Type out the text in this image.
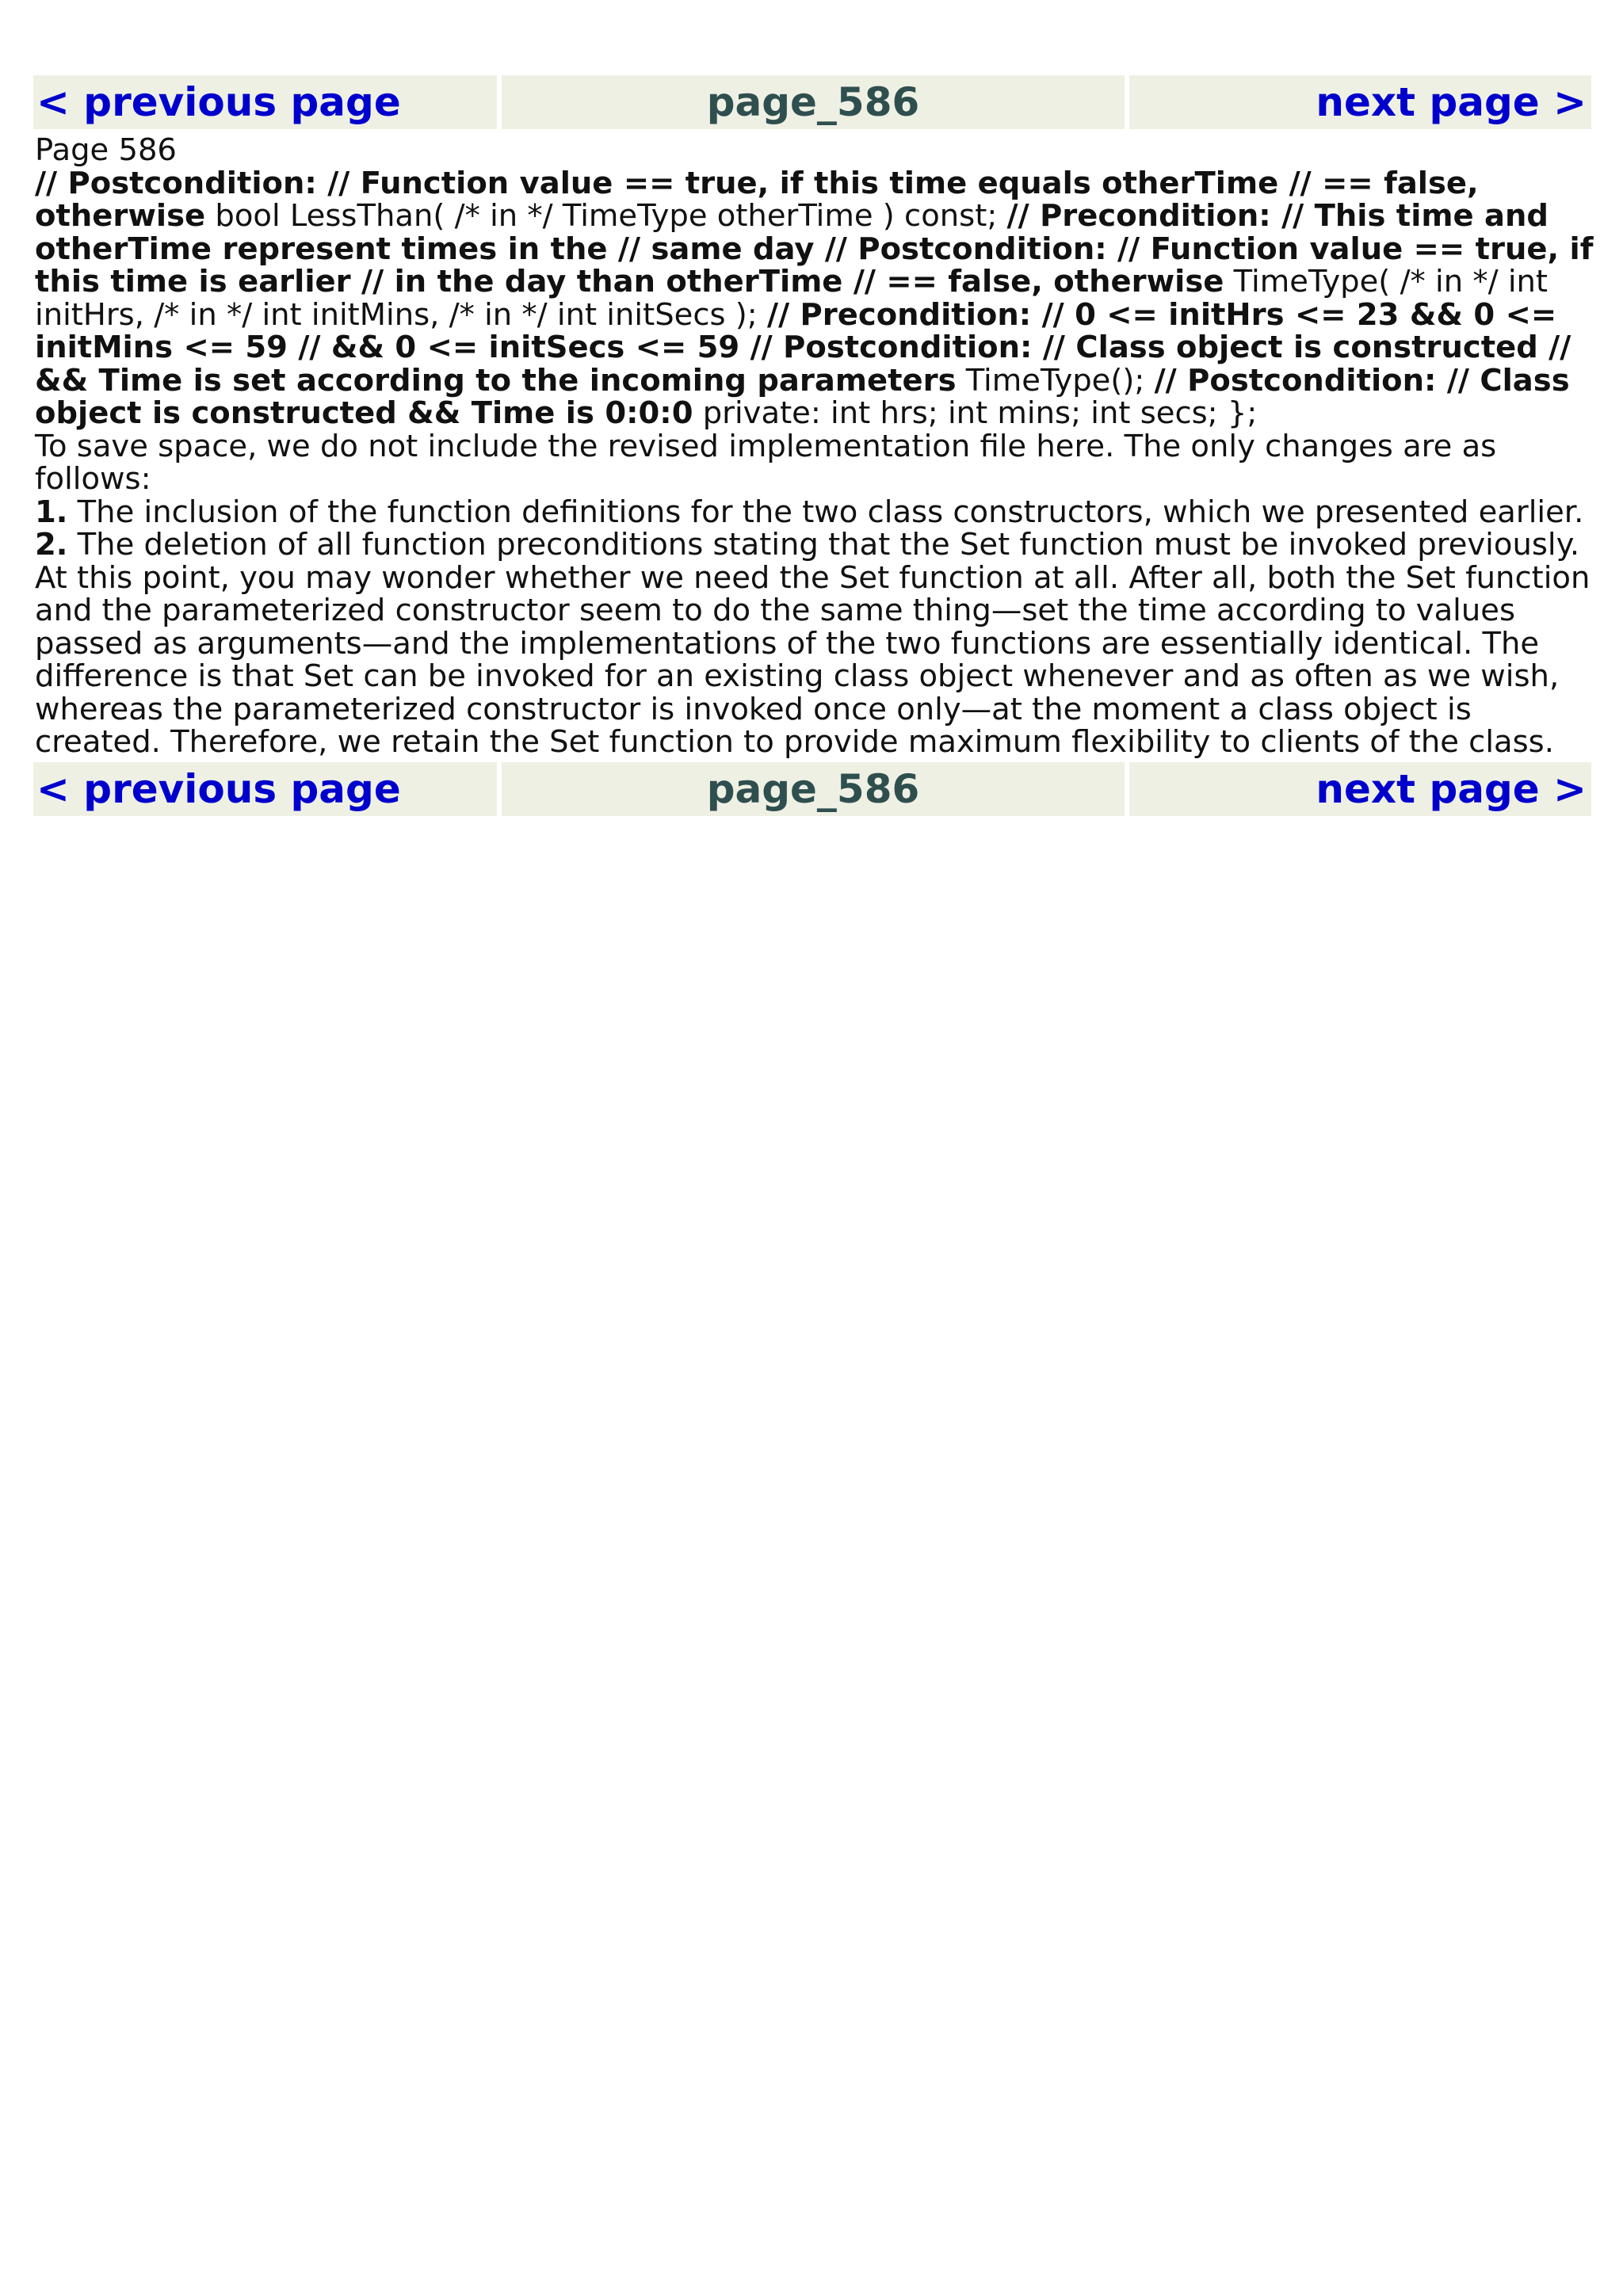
< previous page	page_586	next page >

Page 586

// Postcondition: // Function value == true, if this time equals otherTime // == false, otherwise bool LessThan( /* in */ TimeType otherTime ) const; // Precondition: // This time and otherTime represent times in the // same day // Postcondition: // Function value == true, if this time is earlier // in the day than otherTime // == false, otherwise TimeType( /* in */ int initHrs, /* in */ int initMins, /* in */ int initSecs ); // Precondition: // 0 <= initHrs <= 23 && 0 <= initMins <= 59 // && 0 <= initSecs <= 59 // Postcondition: // Class object is constructed // && Time is set according to the incoming parameters TimeType(); // Postcondition: // Class object is constructed && Time is 0:0:0 private: int hrs; int mins; int secs; };

To save space, we do not include the revised implementation file here. The only changes are as follows:

1. The inclusion of the function definitions for the two class constructors, which we presented earlier.

2. The deletion of all function preconditions stating that the Set function must be invoked previously.

At this point, you may wonder whether we need the Set function at all. After all, both the Set function and the parameterized constructor seem to do the same thing—set the time according to values passed as arguments—and the implementations of the two functions are essentially identical. The difference is that Set can be invoked for an existing class object whenever and as often as we wish, whereas the parameterized constructor is invoked once only—at the moment a class object is created. Therefore, we retain the Set function to provide maximum flexibility to clients of the class.

< previous page	page_586	next page >
